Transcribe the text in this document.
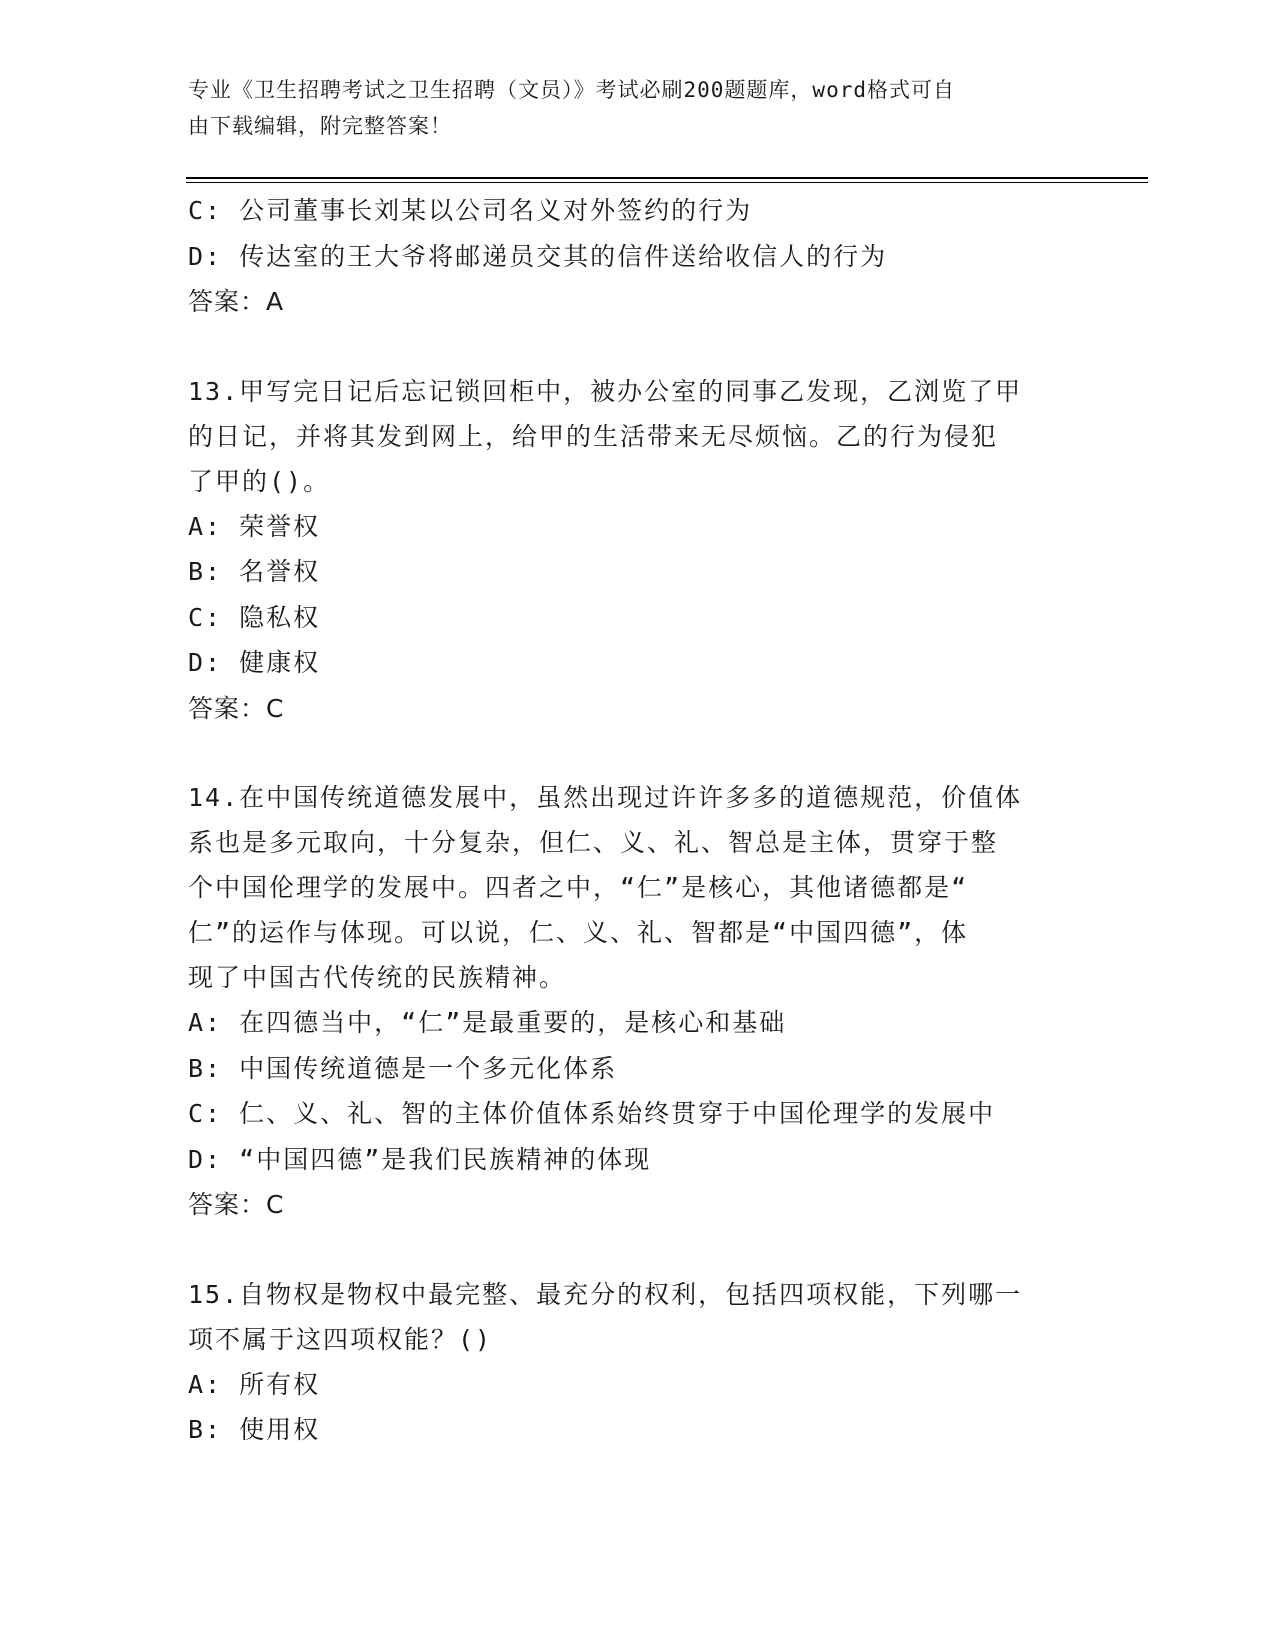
专业《卫生招聘考试之卫生招聘（文员）》考试必刷200题题库，word格式可自
由下载编辑，附完整答案！
C: 公司董事长刘某以公司名义对外签约的行为
D: 传达室的王大爷将邮递员交其的信件送给收信人的行为
答案：A
13.甲写完日记后忘记锁回柜中，被办公室的同事乙发现，乙浏览了甲
的日记，并将其发到网上，给甲的生活带来无尽烦恼。乙的行为侵犯
了甲的()。
A: 荣誉权
B: 名誉权
C: 隐私权
D: 健康权
答案：C
14.在中国传统道德发展中，虽然出现过许许多多的道德规范，价值体
系也是多元取向，十分复杂，但仁、义、礼、智总是主体，贯穿于整
个中国伦理学的发展中。四者之中，“仁”是核心，其他诸德都是“
仁”的运作与体现。可以说，仁、义、礼、智都是“中国四德”，体
现了中国古代传统的民族精神。
A: 在四德当中，“仁”是最重要的，是核心和基础
B: 中国传统道德是一个多元化体系
C: 仁、义、礼、智的主体价值体系始终贯穿于中国伦理学的发展中
D: “中国四德”是我们民族精神的体现
答案：C
15.自物权是物权中最完整、最充分的权利，包括四项权能，下列哪一
项不属于这四项权能？()
A: 所有权
B: 使用权
